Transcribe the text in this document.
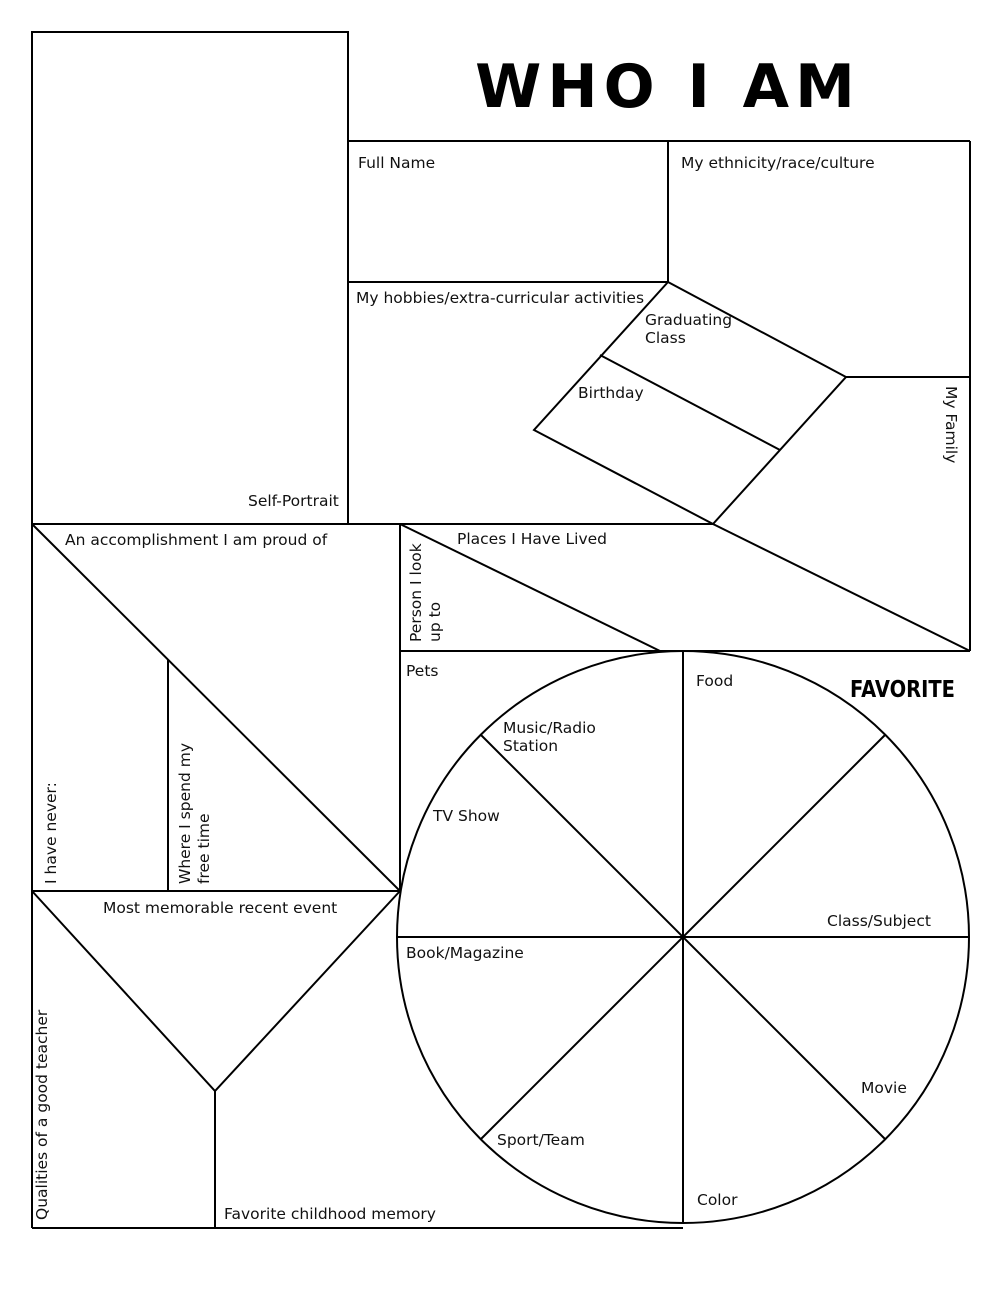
WHO I AM
Self-Portrait
Full Name	My ethnicity/race/culture
My hobbies/extra-curricular activities
Graduating
Class
Birthday	My Family
An accomplishment I am proud of	Places I Have Lived
Person I look up to
Pets
I have never:	Where I spend my free time
Most memorable recent event
Qualities of a good teacher	Favorite childhood memory
FAVORITE
Food
Music/Radio
Station
TV Show
Class/Subject
Book/Magazine
Movie
Sport/Team
Color
